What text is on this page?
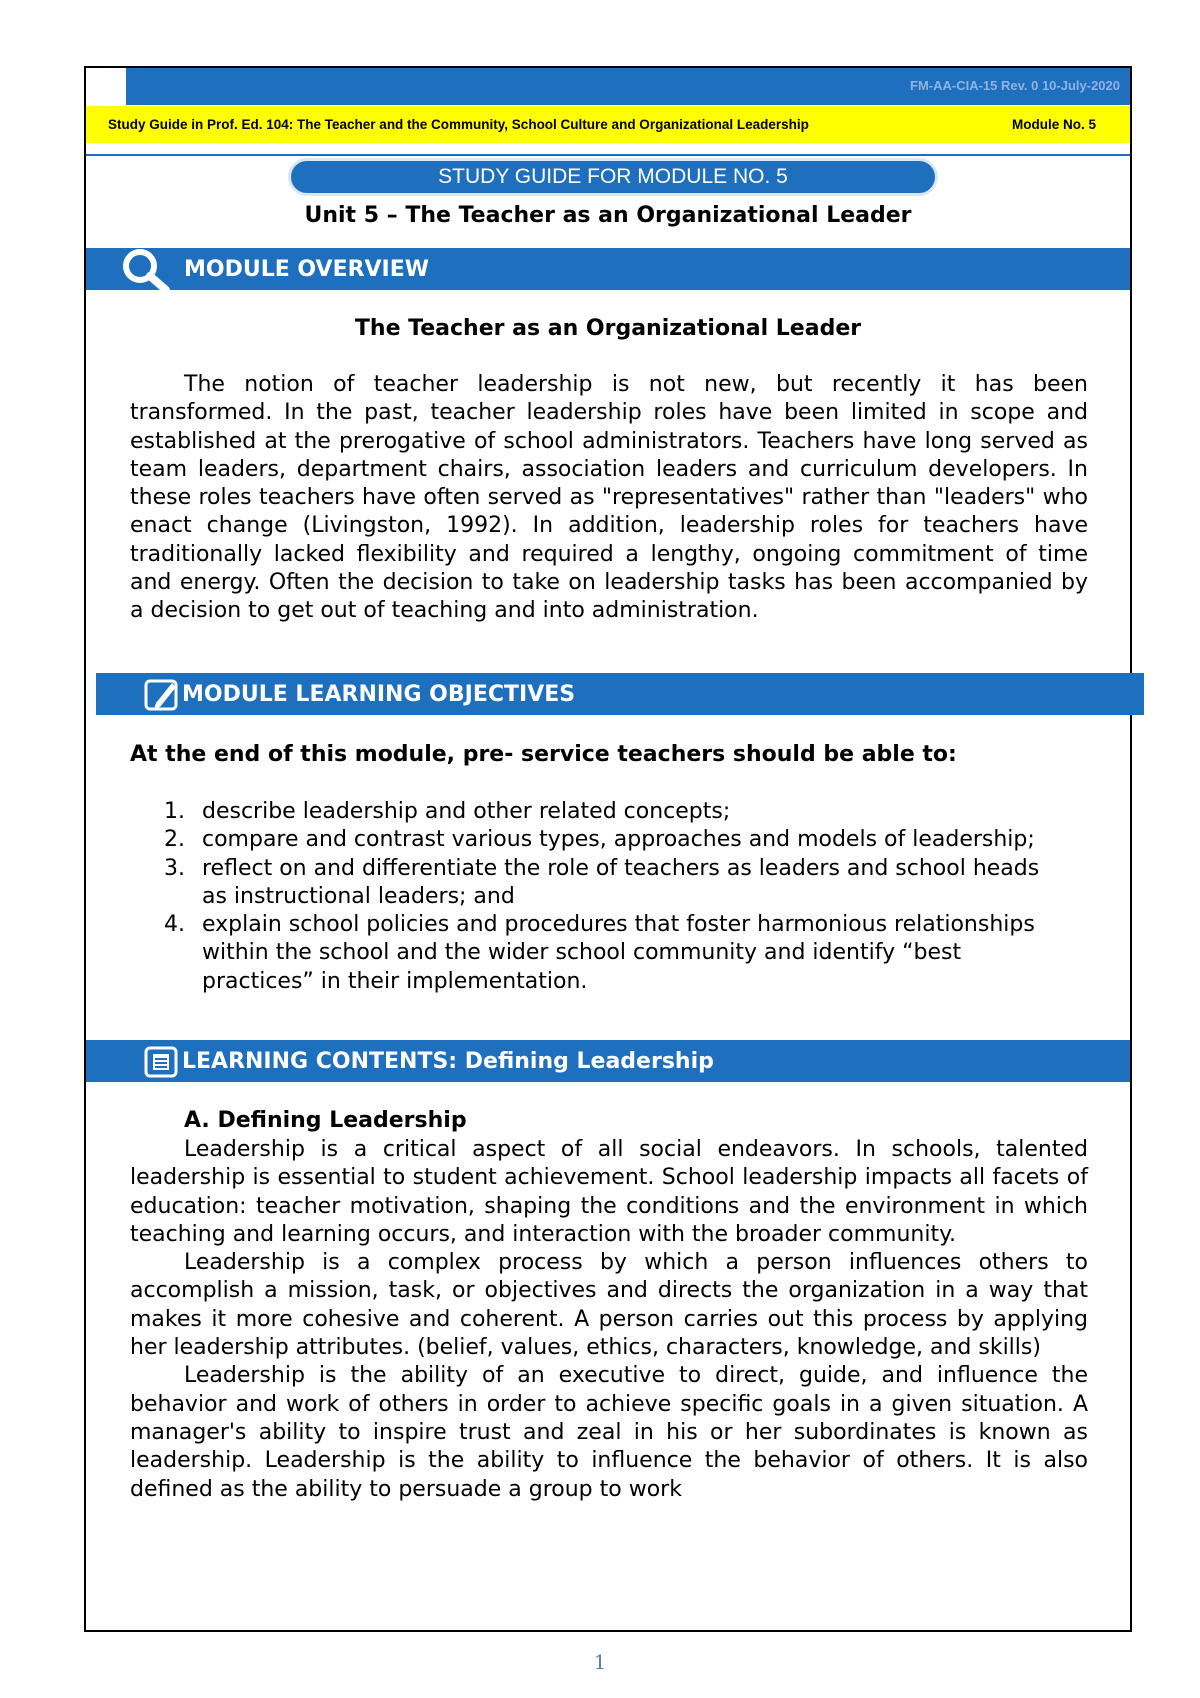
FM-AA-CIA-15 Rev. 0 10-July-2020
Study Guide in Prof. Ed. 104: The Teacher and the Community, School Culture and Organizational Leadership	Module No. 5
STUDY GUIDE FOR MODULE NO. 5
Unit 5 – The Teacher as an Organizational Leader
MODULE OVERVIEW
The Teacher as an Organizational Leader

The notion of teacher leadership is not new, but recently it has been transformed. In the past, teacher leadership roles have been limited in scope and established at the prerogative of school administrators. Teachers have long served as team leaders, department chairs, association leaders and curriculum developers. In these roles teachers have often served as "representatives" rather than "leaders" who enact change (Livingston, 1992). In addition, leadership roles for teachers have traditionally lacked flexibility and required a lengthy, ongoing commitment of time and energy. Often the decision to take on leadership tasks has been accompanied by a decision to get out of teaching and into administration.

MODULE LEARNING OBJECTIVES
At the end of this module, pre- service teachers should be able to:
1. describe leadership and other related concepts;
2. compare and contrast various types, approaches and models of leadership;
3. reflect on and differentiate the role of teachers as leaders and school heads as instructional leaders; and
4. explain school policies and procedures that foster harmonious relationships within the school and the wider school community and identify “best practices” in their implementation.
LEARNING CONTENTS: Defining Leadership
A. Defining Leadership

Leadership is a critical aspect of all social endeavors. In schools, talented leadership is essential to student achievement. School leadership impacts all facets of education: teacher motivation, shaping the conditions and the environment in which teaching and learning occurs, and interaction with the broader community.

Leadership is a complex process by which a person influences others to accomplish a mission, task, or objectives and directs the organization in a way that makes it more cohesive and coherent. A person carries out this process by applying her leadership attributes. (belief, values, ethics, characters, knowledge, and skills)

Leadership is the ability of an executive to direct, guide, and influence the behavior and work of others in order to achieve specific goals in a given situation. A manager's ability to inspire trust and zeal in his or her subordinates is known as leadership. Leadership is the ability to influence the behavior of others. It is also defined as the ability to persuade a group to work

1
